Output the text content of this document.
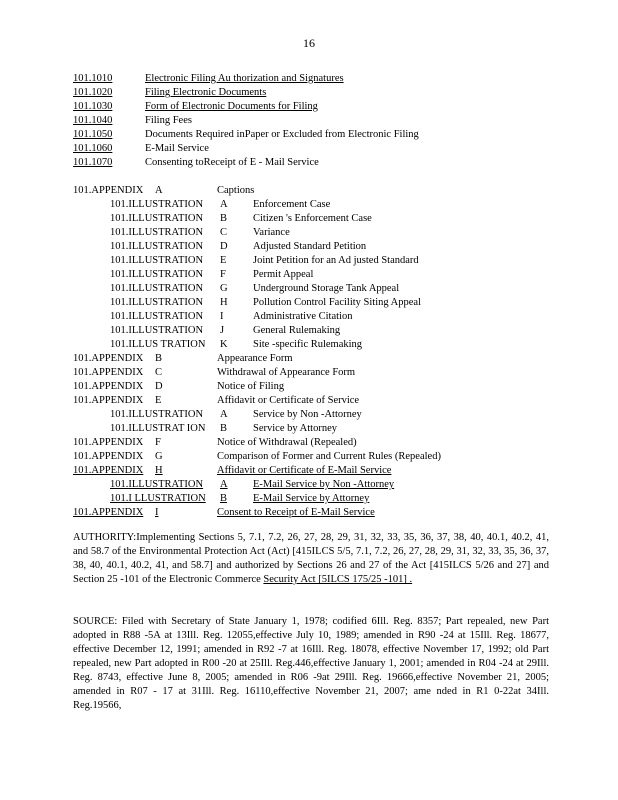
16
101.1010	Electronic Filing Au thorization and Signatures
101.1020	Filing Electronic Documents
101.1030	Form of Electronic Documents for Filing
101.1040	Filing Fees
101.1050	Documents Required inPaper or Excluded from Electronic Filing
101.1060	E-Mail Service
101.1070	Consenting toReceipt of E - Mail Service
101.APPENDIX A	Captions
101.ILLUSTRATION A Enforcement Case
101.ILLUSTRATION B Citizen 's Enforcement Case
101.ILLUSTRATION C Variance
101.ILLUSTRATION D Adjusted Standard Petition
101.ILLUSTRATION E	Joint Petition for an Ad justed Standard
101.ILLUSTRATION F	Permit Appeal
101.ILLUSTRATION G Underground Storage Tank Appeal
101.ILLUSTRATION H Pollution Control Facility Siting Appeal
101.ILLUSTRATION I	Administrative Citation
101.ILLUSTRATION J	General Rulemaking
101.ILLUS TRATION K Site -specific Rulemaking
101.APPENDIX B	Appearance Form
101.APPENDIX C	Withdrawal of Appearance Form
101.APPENDIX D	Notice of Filing
101.APPENDIX E	Affidavit or Certificate of Service
101.ILLUSTRATION A Service by Non -Attorney
101.ILLUSTRAT ION B Service by Attorney
101.APPENDIX F	Notice of Withdrawal (Repealed)
101.APPENDIX G	Comparison of Former and Current Rules (Repealed)
101.APPENDIX H	Affidavit or Certificate of E-Mail Service
101.ILLUSTRATION A E-Mail Service by Non -Attorney
101.I LLUSTRATION B E-Mail Service by Attorney
101.APPENDIX I	Consent to Receipt of E-Mail Service
AUTHORITY:Implementing Sections 5, 7.1, 7.2, 26, 27, 28, 29, 31, 32, 33, 35, 36, 37, 38, 40, 40.1, 40.2, 41, and 58.7 of the Environmental Protection Act (Act) [415ILCS 5/5, 7.1, 7.2, 26, 27, 28, 29, 31, 32, 33, 35, 36, 37, 38, 40, 40.1, 40.2, 41, and 58.7] and authorized by Sections 26 and 27 of the Act [415ILCS 5/26 and 27] and Section 25 -101 of the Electronic Commerce Security Act [5ILCS 175/25 -101] .
SOURCE: Filed with Secretary of State January 1, 1978; codified 6Ill. Reg. 8357; Part repealed, new Part adopted in R88 -5A at 13Ill. Reg. 12055,effective July 10, 1989; amended in R90 -24 at 15Ill. Reg. 18677, effective December 12, 1991; amended in R92 -7 at 16Ill. Reg. 18078, effective November 17, 1992; old Part repealed, new Part adopted in R00 -20 at 25Ill. Reg.446,effective January 1, 2001; amended in R04 -24 at 29Ill. Reg. 8743, effective June 8, 2005; amended in R06 -9at 29Ill. Reg. 19666,effective November 21, 2005; amended in R07 - 17 at 31Ill. Reg. 16110,effective November 21, 2007; ame nded in R1 0-22at 34Ill. Reg.19566,
